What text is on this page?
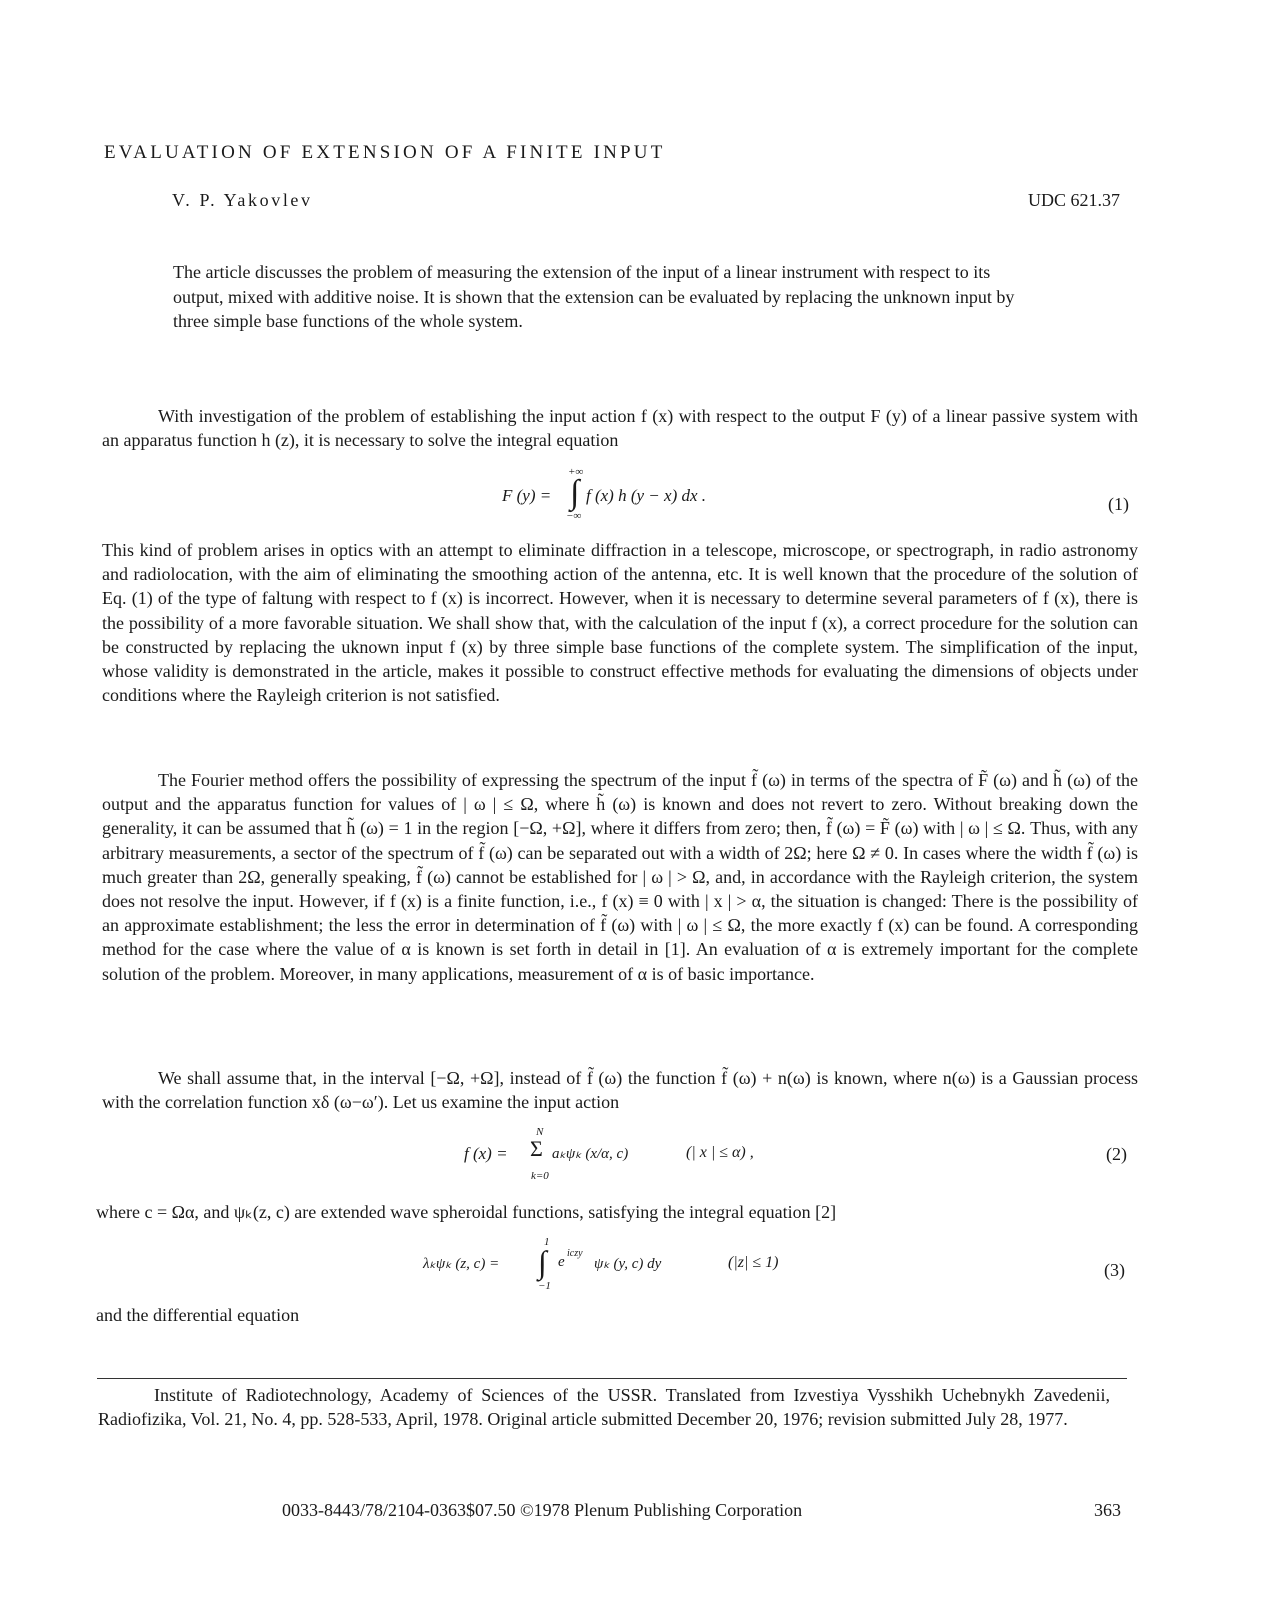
EVALUATION OF EXTENSION OF A FINITE INPUT
V. P. Yakovlev	UDC 621.37
The article discusses the problem of measuring the extension of the input of a linear instrument with respect to its output, mixed with additive noise. It is shown that the extension can be evaluated by replacing the unknown input by three simple base functions of the whole system.

With investigation of the problem of establishing the input action f (x) with respect to the output F (y) of a linear passive system with an apparatus function h (z), it is necessary to solve the integral equation

F (y) =
+∞
∫
−∞
f (x) h (y − x) dx .	(1)

This kind of problem arises in optics with an attempt to eliminate diffraction in a telescope, microscope, or spectrograph, in radio astronomy and radiolocation, with the aim of eliminating the smoothing action of the antenna, etc. It is well known that the procedure of the solution of Eq. (1) of the type of faltung with respect to f (x) is incorrect. However, when it is necessary to determine several parameters of f (x), there is the possibility of a more favorable situation. We shall show that, with the calculation of the input f (x), a correct procedure for the solution can be constructed by replacing the uknown input f (x) by three simple base functions of the complete system. The simplification of the input, whose validity is demonstrated in the article, makes it possible to construct effective methods for evaluating the dimensions of objects under conditions where the Rayleigh criterion is not satisfied.

The Fourier method offers the possibility of expressing the spectrum of the input f̃ (ω) in terms of the spectra of F̃ (ω) and h̃ (ω) of the output and the apparatus function for values of | ω | ≤ Ω, where h̃ (ω) is known and does not revert to zero. Without breaking down the generality, it can be assumed that h̃ (ω) = 1 in the region [−Ω, +Ω], where it differs from zero; then, f̃ (ω) = F̃ (ω) with | ω | ≤ Ω. Thus, with any arbitrary measurements, a sector of the spectrum of f̃ (ω) can be separated out with a width of 2Ω; here Ω ≠ 0. In cases where the width f̃ (ω) is much greater than 2Ω, generally speaking, f̃ (ω) cannot be established for | ω | > Ω, and, in accordance with the Rayleigh criterion, the system does not resolve the input. However, if f (x) is a finite function, i.e., f (x) ≡ 0 with | x | > α, the situation is changed: There is the possibility of an approximate establishment; the less the error in determination of f̃ (ω) with | ω | ≤ Ω, the more exactly f (x) can be found. A corresponding method for the case where the value of α is known is set forth in detail in [1]. An evaluation of α is extremely important for the complete solution of the problem. Moreover, in many applications, measurement of α is of basic importance.

We shall assume that, in the interval [−Ω, +Ω], instead of f̃ (ω) the function f̃ (ω) + n(ω) is known, where n(ω) is a Gaussian process with the correlation function xδ (ω−ω′). Let us examine the input action

f (x) =
N
Σ
k=0
aₖψₖ (x/α, c)	(| x | ≤ α) ,	(2)

where c = Ωα, and ψₖ(z, c) are extended wave spheroidal functions, satisfying the integral equation [2]

λₖψₖ (z, c) =
1
∫
−1
e
iczy
ψₖ (y, c) dy	(|z| ≤ 1)	(3)
and the differential equation

Institute of Radiotechnology, Academy of Sciences of the USSR. Translated from Izvestiya Vysshikh Uchebnykh Zavedenii, Radiofizika, Vol. 21, No. 4, pp. 528-533, April, 1978. Original article submitted December 20, 1976; revision submitted July 28, 1977.

0033-8443/78/2104-0363$07.50 ©1978 Plenum Publishing Corporation	363
